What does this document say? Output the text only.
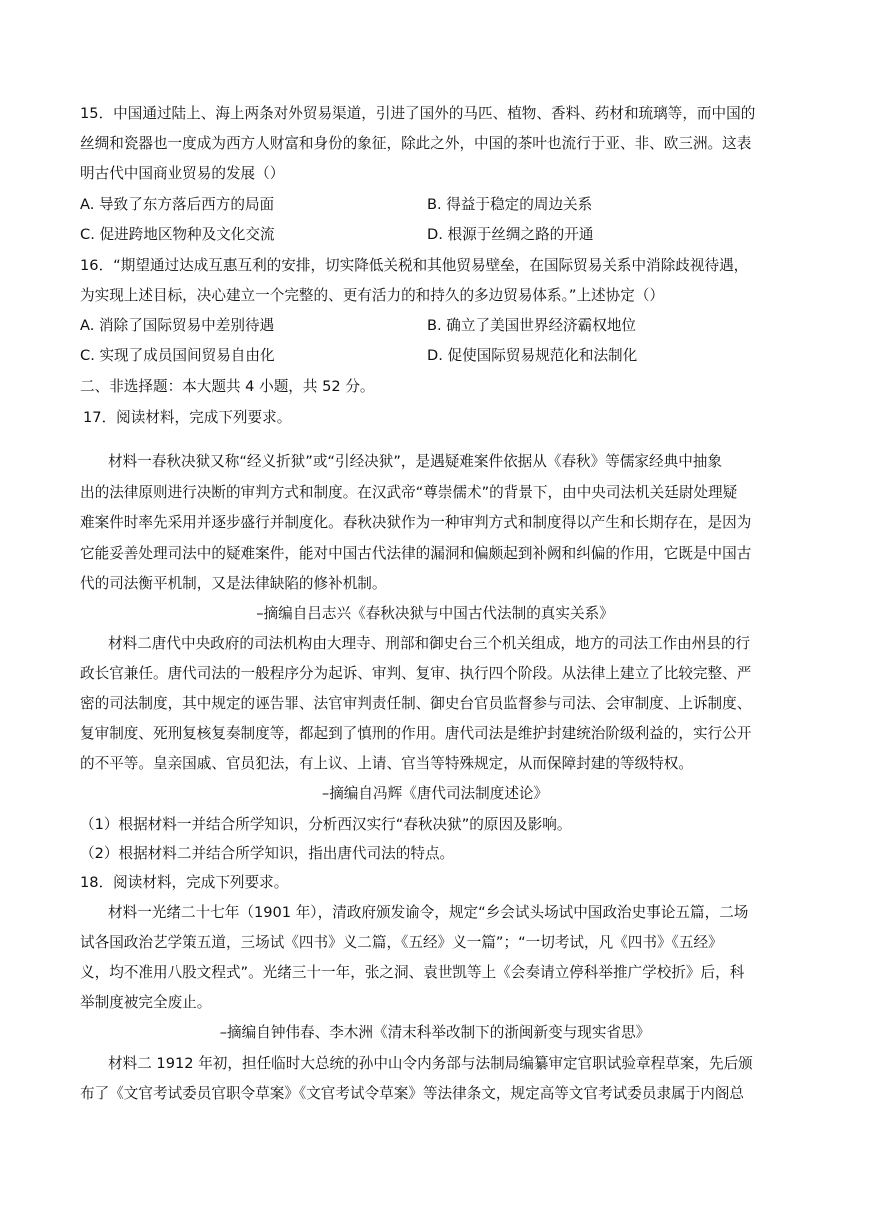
15．中国通过陆上、海上两条对外贸易渠道，引进了国外的马匹、植物、香料、药材和琉璃等，而中国的
丝绸和瓷器也一度成为西方人财富和身份的象征，除此之外，中国的茶叶也流行于亚、非、欧三洲。这表
明古代中国商业贸易的发展（）
A. 导致了东方落后西方的局面	B. 得益于稳定的周边关系
C. 促进跨地区物种及文化交流	D. 根源于丝绸之路的开通
16．“期望通过达成互惠互利的安排，切实降低关税和其他贸易壁垒，在国际贸易关系中消除歧视待遇，
为实现上述目标，决心建立一个完整的、更有活力的和持久的多边贸易体系。”上述协定（）
A. 消除了国际贸易中差别待遇	B. 确立了美国世界经济霸权地位
C. 实现了成员国间贸易自由化	D. 促使国际贸易规范化和法制化
二、非选择题：本大题共 4 小题，共 52 分。
17．阅读材料，完成下列要求。
材料一春秋决狱又称“经义折狱”或“引经决狱”，是遇疑难案件依据从《春秋》等儒家经典中抽象
出的法律原则进行决断的审判方式和制度。在汉武帝“尊崇儒术”的背景下，由中央司法机关廷尉处理疑
难案件时率先采用并逐步盛行并制度化。春秋决狱作为一种审判方式和制度得以产生和长期存在，是因为
它能妥善处理司法中的疑难案件，能对中国古代法律的漏洞和偏颇起到补阙和纠偏的作用，它既是中国古
代的司法衡平机制，又是法律缺陷的修补机制。
–摘编自吕志兴《春秋决狱与中国古代法制的真实关系》
材料二唐代中央政府的司法机构由大理寺、刑部和御史台三个机关组成，地方的司法工作由州县的行
政长官兼任。唐代司法的一般程序分为起诉、审判、复审、执行四个阶段。从法律上建立了比较完整、严
密的司法制度，其中规定的诬告罪、法官审判责任制、御史台官员监督参与司法、会审制度、上诉制度、
复审制度、死刑复核复奏制度等，都起到了慎刑的作用。唐代司法是维护封建统治阶级利益的，实行公开
的不平等。皇亲国戚、官员犯法，有上议、上请、官当等特殊规定，从而保障封建的等级特权。
–摘编自冯辉《唐代司法制度述论》
（1）根据材料一并结合所学知识，分析西汉实行“春秋决狱”的原因及影响。
（2）根据材料二并结合所学知识，指出唐代司法的特点。
18．阅读材料，完成下列要求。
材料一光绪二十七年（1901 年），清政府颁发谕令，规定“乡会试头场试中国政治史事论五篇，二场
试各国政治艺学策五道，三场试《四书》义二篇，《五经》义一篇”；“一切考试，凡《四书》《五经》
义，均不准用八股文程式”。光绪三十一年，张之洞、袁世凯等上《会奏请立停科举推广学校折》后，科
举制度被完全废止。
–摘编自钟伟春、李木洲《清末科举改制下的浙闽新变与现实省思》
材料二 1912 年初，担任临时大总统的孙中山令内务部与法制局编纂审定官职试验章程草案，先后颁
布了《文官考试委员官职令草案》《文官考试令草案》等法律条文，规定高等文官考试委员隶属于内阁总
